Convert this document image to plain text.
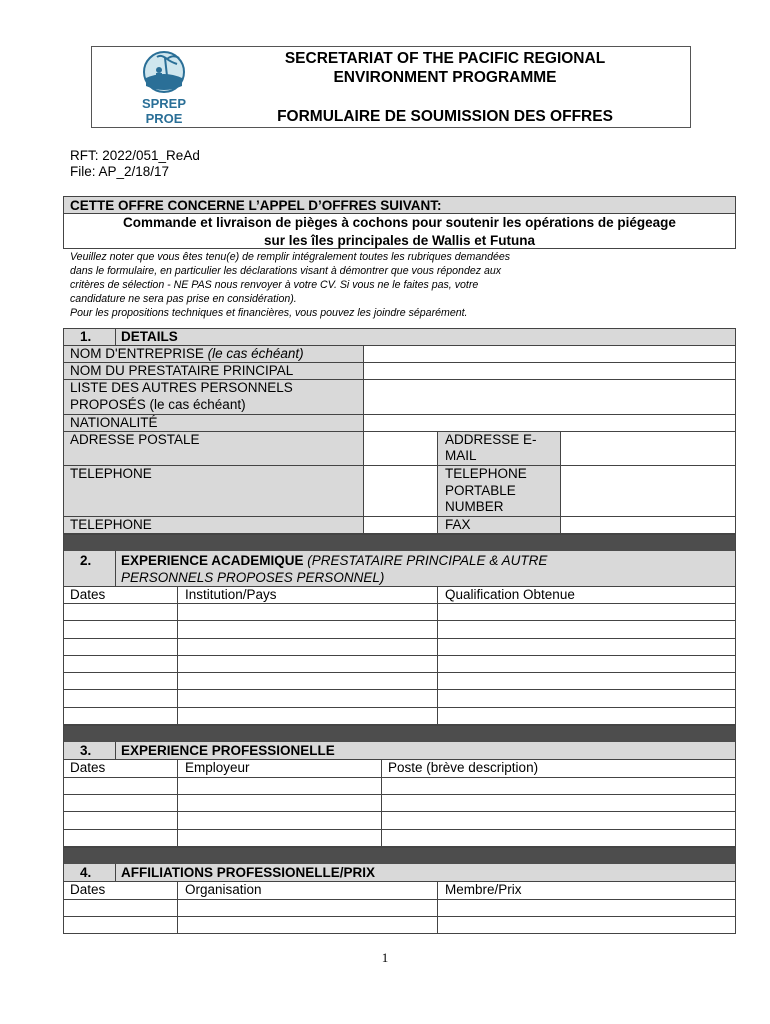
SPREP
PROE
SECRETARIAT OF THE PACIFIC REGIONAL
ENVIRONMENT PROGRAMME
FORMULAIRE DE SOUMISSION DES OFFRES
RFT: 2022/051_ReAd
File: AP_2/18/17
CETTE OFFRE CONCERNE L’APPEL D’OFFRES SUIVANT:
Commande et livraison de pièges à cochons pour soutenir les opérations de piégeage
sur les îles principales de Wallis et Futuna
Veuillez noter que vous êtes tenu(e) de remplir intégralement toutes les rubriques demandées
dans le formulaire, en particulier les déclarations visant à démontrer que vous répondez aux
critères de sélection - NE PAS nous renvoyer à votre CV. Si vous ne le faites pas, votre
candidature ne sera pas prise en considération).
Pour les propositions techniques et financières, vous pouvez les joindre séparément.
1. DETAILS
NOM D'ENTREPRISE (le cas échéant)
NOM DU PRESTATAIRE PRINCIPAL
LISTE DES AUTRES PERSONNELS
PROPOSÉS (le cas échéant)
NATIONALITÉ
ADRESSE POSTALE	ADDRESSE E-
MAIL
TELEPHONE	TELEPHONE
PORTABLE
NUMBER
TELEPHONE	FAX
2. EXPERIENCE ACADEMIQUE (PRESTATAIRE PRINCIPALE & AUTRE
PERSONNELS PROPOSES PERSONNEL)
Dates	Institution/Pays	Qualification Obtenue
3. EXPERIENCE PROFESSIONELLE
Dates	Employeur	Poste (brève description)
4. AFFILIATIONS PROFESSIONELLE/PRIX
Dates	Organisation	Membre/Prix
1
